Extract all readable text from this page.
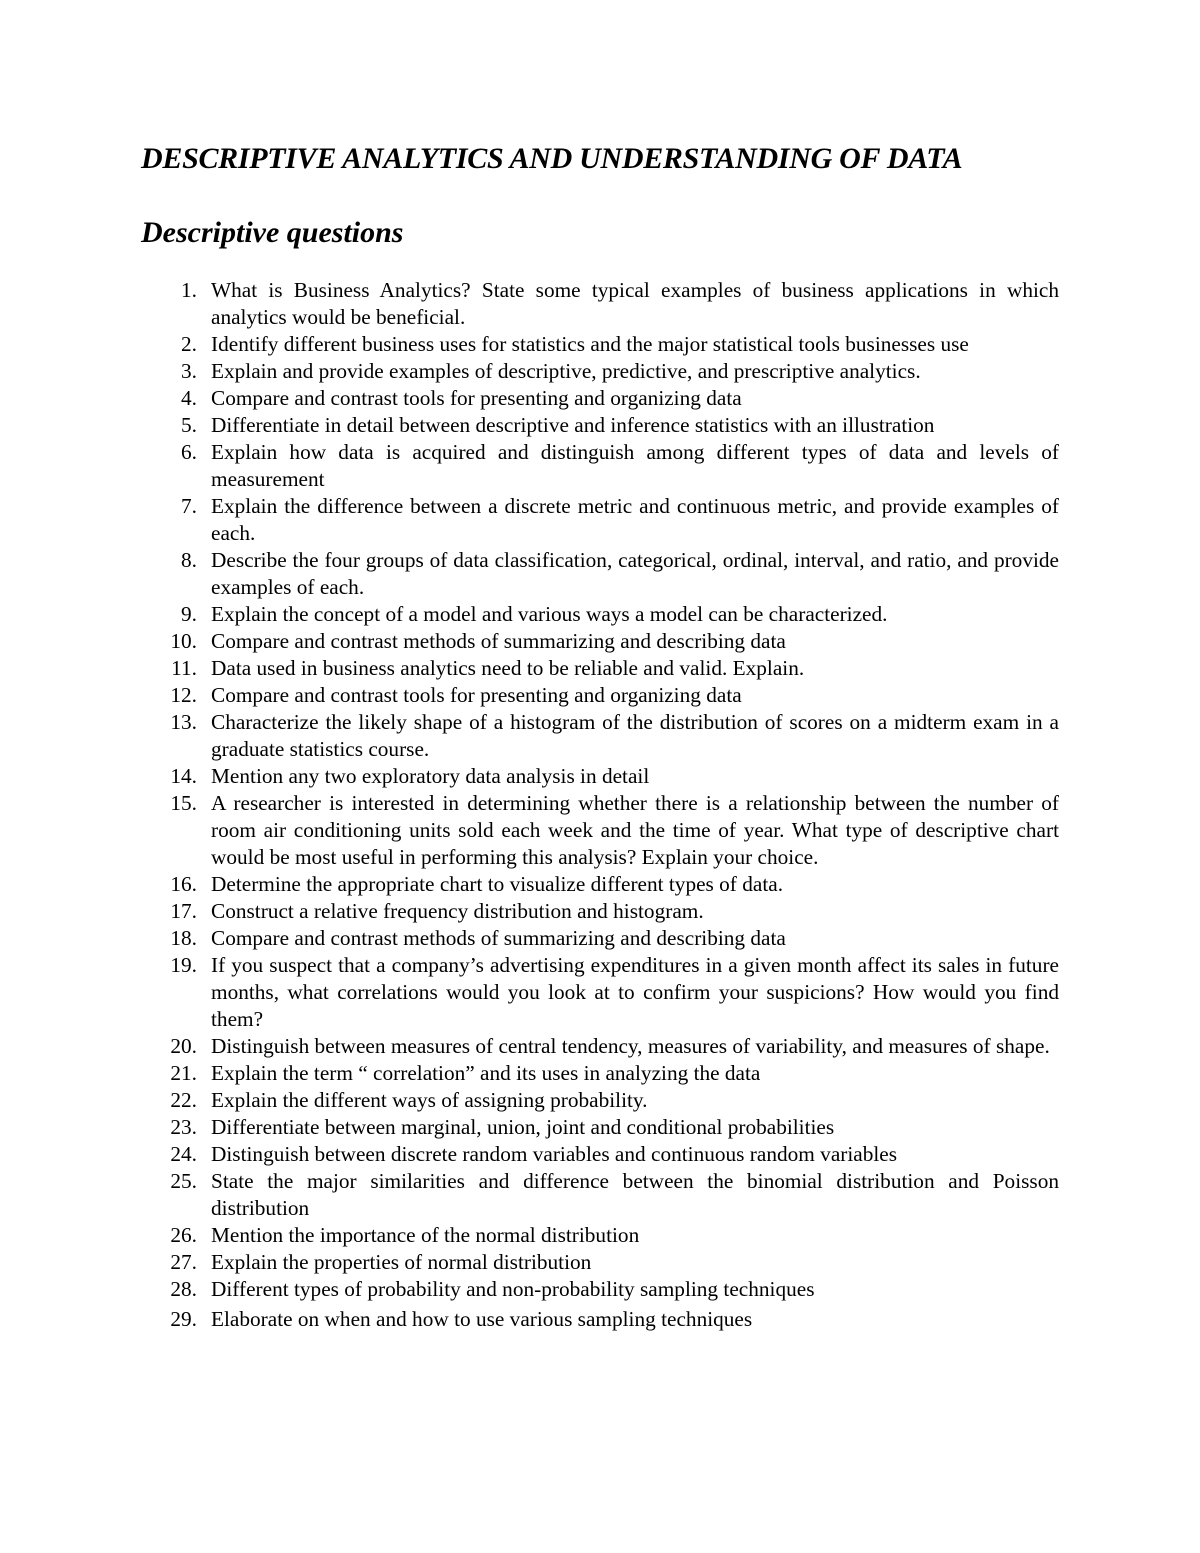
DESCRIPTIVE ANALYTICS AND UNDERSTANDING OF DATA
Descriptive questions
1. What is Business Analytics? State some typical examples of business applications in which analytics would be beneficial.
2. Identify different business uses for statistics and the major statistical tools businesses use
3. Explain and provide examples of descriptive, predictive, and prescriptive analytics.
4. Compare and contrast tools for presenting and organizing data
5. Differentiate in detail between descriptive and inference statistics with an illustration
6. Explain how data is acquired and distinguish among different types of data and levels of measurement
7. Explain the difference between a discrete metric and continuous metric, and provide examples of each.
8. Describe the four groups of data classification, categorical, ordinal, interval, and ratio, and provide examples of each.
9. Explain the concept of a model and various ways a model can be characterized.
10. Compare and contrast methods of summarizing and describing data
11. Data used in business analytics need to be reliable and valid. Explain.
12. Compare and contrast tools for presenting and organizing data
13. Characterize the likely shape of a histogram of the distribution of scores on a midterm exam in a graduate statistics course.
14. Mention any two exploratory data analysis in detail
15. A researcher is interested in determining whether there is a relationship between the number of room air conditioning units sold each week and the time of year. What type of descriptive chart would be most useful in performing this analysis? Explain your choice.
16. Determine the appropriate chart to visualize different types of data.
17. Construct a relative frequency distribution and histogram.
18. Compare and contrast methods of summarizing and describing data
19. If you suspect that a company’s advertising expenditures in a given month affect its sales in future months, what correlations would you look at to confirm your suspicions? How would you find them?
20. Distinguish between measures of central tendency, measures of variability, and measures of shape.
21. Explain the term “ correlation” and its uses in analyzing the data
22. Explain the different ways of assigning probability.
23. Differentiate between marginal, union, joint and conditional probabilities
24. Distinguish between discrete random variables and continuous random variables
25. State the major similarities and difference between the binomial distribution and Poisson distribution
26. Mention the importance of the normal distribution
27. Explain the properties of normal distribution
28. Different types of probability and non-probability sampling techniques
29. Elaborate on when and how to use various sampling techniques
